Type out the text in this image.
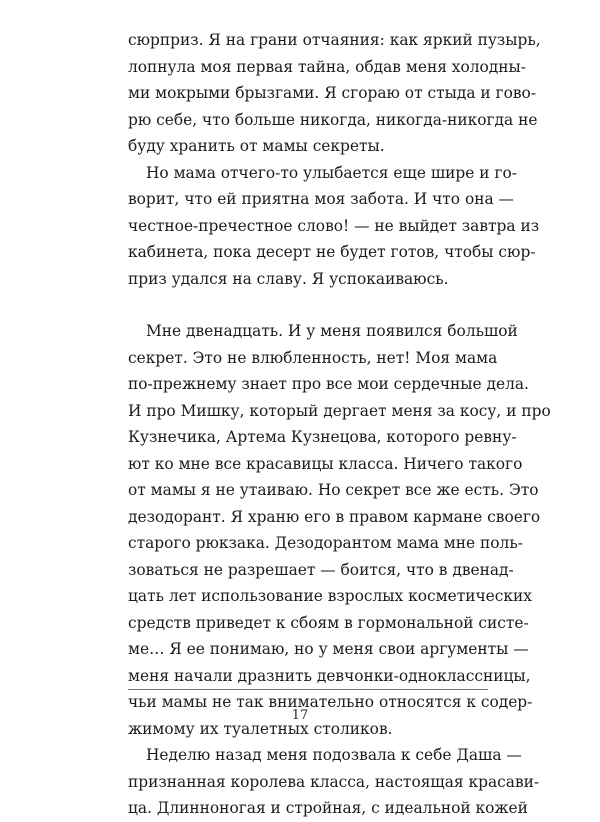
сюрприз. Я на грани отчаяния: как яркий пузырь,
лопнула моя первая тайна, обдав меня холодны-
ми мокрыми брызгами. Я сгораю от стыда и гово-
рю себе, что больше никогда, никогда-никогда не
буду хранить от мамы секреты.
Но мама отчего-то улыбается еще шире и го-
ворит, что ей приятна моя забота. И что она —
честное-пречестное слово! — не выйдет завтра из
кабинета, пока десерт не будет готов, чтобы сюр-
приз удался на славу. Я успокаиваюсь.
Мне двенадцать. И у меня появился большой
секрет. Это не влюбленность, нет! Моя мама
по-прежнему знает про все мои сердечные дела.
И про Мишку, который дергает меня за косу, и про
Кузнечика, Артема Кузнецова, которого ревну-
ют ко мне все красавицы класса. Ничего такого
от мамы я не утаиваю. Но секрет все же есть. Это
дезодорант. Я храню его в правом кармане своего
старого рюкзака. Дезодорантом мама мне поль-
зоваться не разрешает — боится, что в двенад-
цать лет использование взрослых косметических
средств приведет к сбоям в гормональной систе-
ме… Я ее понимаю, но у меня свои аргументы —
меня начали дразнить девчонки-одноклассницы,
чьи мамы не так внимательно относятся к содер-
жимому их туалетных столиков.
Неделю назад меня подозвала к себе Даша —
признанная королева класса, настоящая красави-
ца. Длинноногая и стройная, с идеальной кожей
17
